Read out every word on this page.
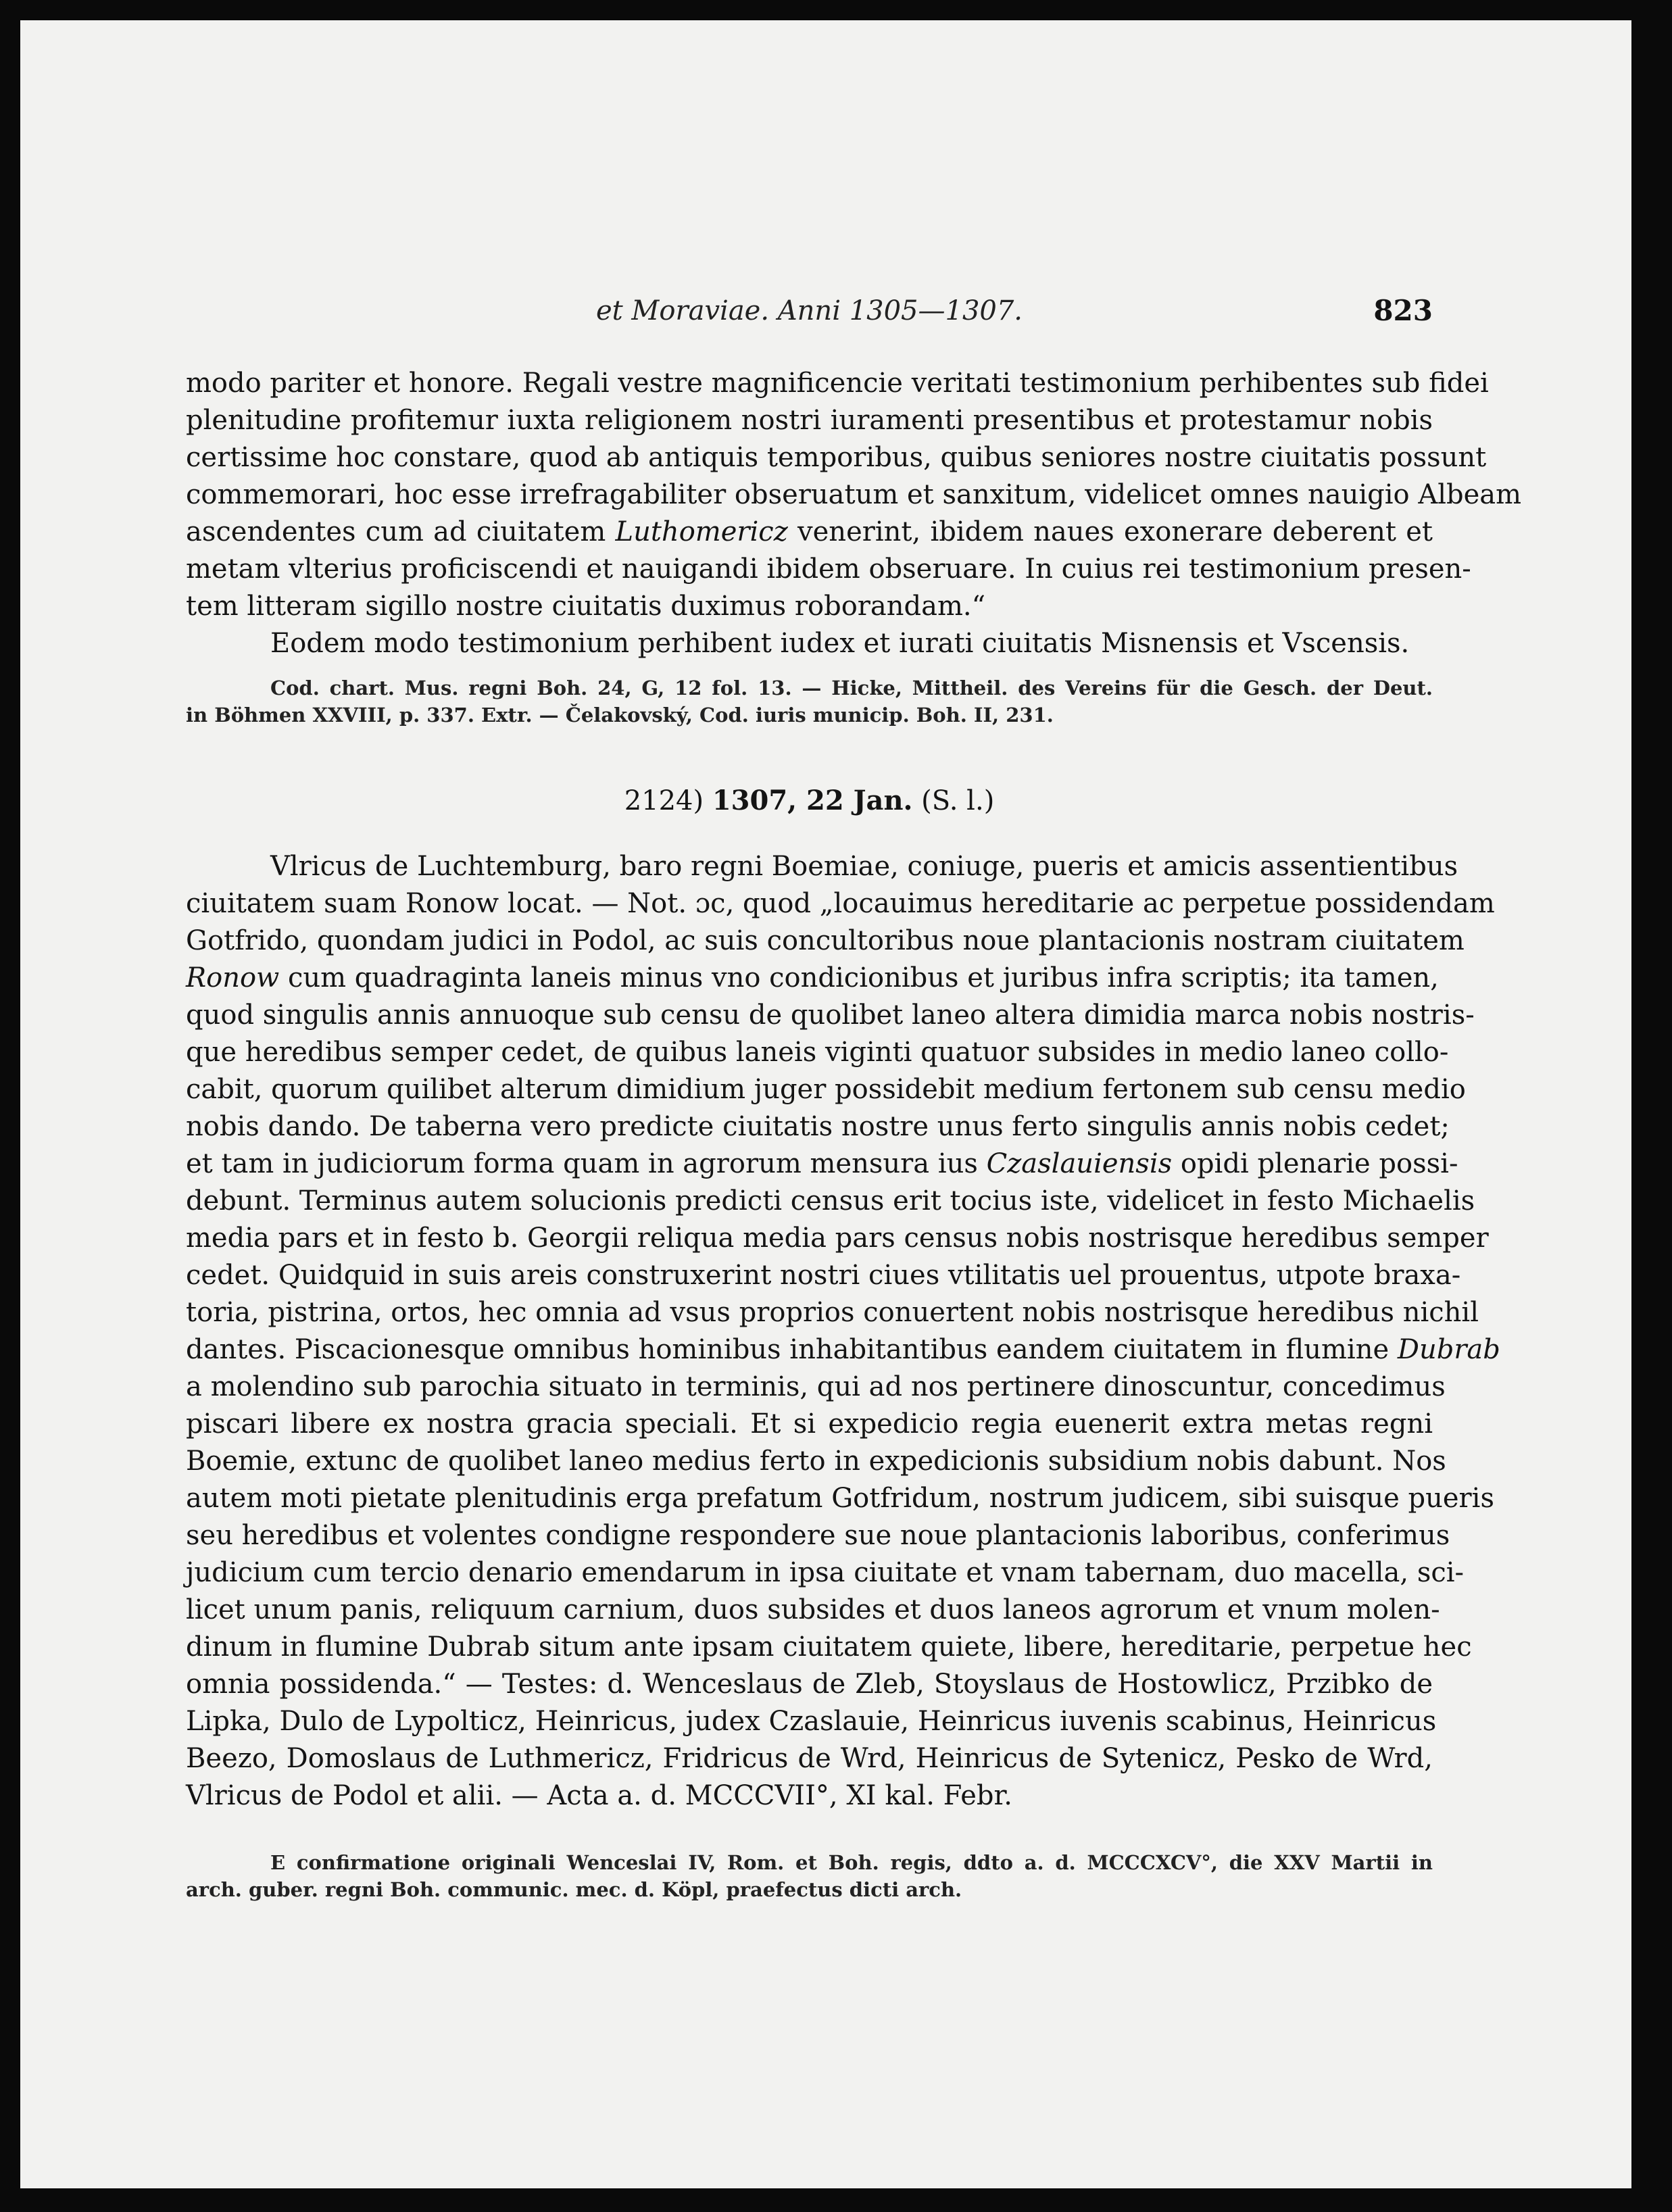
et Moraviae. Anni 1305—1307.	823
modo pariter et honore. Regali vestre magnificencie veritati testimonium perhibentes sub fidei
plenitudine profitemur iuxta religionem nostri iuramenti presentibus et protestamur nobis
certissime hoc constare, quod ab antiquis temporibus, quibus seniores nostre ciuitatis possunt
commemorari, hoc esse irrefragabiliter obseruatum et sanxitum, videlicet omnes nauigio Albeam
ascendentes cum ad ciuitatem Luthomericz venerint, ibidem naues exonerare deberent et
metam vlterius proficiscendi et nauigandi ibidem obseruare. In cuius rei testimonium presen-
tem litteram sigillo nostre ciuitatis duximus roborandam.“
Eodem modo testimonium perhibent iudex et iurati ciuitatis Misnensis et Vscensis.
Cod. chart. Mus. regni Boh. 24, G, 12 fol. 13. — Hicke, Mittheil. des Vereins für die Gesch. der Deut.
in Böhmen XXVIII, p. 337. Extr. — Čelakovský, Cod. iuris municip. Boh. II, 231.
2124) 1307, 22 Jan. (S. l.)
Vlricus de Luchtemburg, baro regni Boemiae, coniuge, pueris et amicis assentientibus
ciuitatem suam Ronow locat. — Not. ɔc, quod „locauimus hereditarie ac perpetue possidendam
Gotfrido, quondam judici in Podol, ac suis concultoribus noue plantacionis nostram ciuitatem
Ronow cum quadraginta laneis minus vno condicionibus et juribus infra scriptis; ita tamen,
quod singulis annis annuoque sub censu de quolibet laneo altera dimidia marca nobis nostris-
que heredibus semper cedet, de quibus laneis viginti quatuor subsides in medio laneo collo-
cabit, quorum quilibet alterum dimidium juger possidebit medium fertonem sub censu medio
nobis dando. De taberna vero predicte ciuitatis nostre unus ferto singulis annis nobis cedet;
et tam in judiciorum forma quam in agrorum mensura ius Czaslauiensis opidi plenarie possi-
debunt. Terminus autem solucionis predicti census erit tocius iste, videlicet in festo Michaelis
media pars et in festo b. Georgii reliqua media pars census nobis nostrisque heredibus semper
cedet. Quidquid in suis areis construxerint nostri ciues vtilitatis uel prouentus, utpote braxa-
toria, pistrina, ortos, hec omnia ad vsus proprios conuertent nobis nostrisque heredibus nichil
dantes. Piscacionesque omnibus hominibus inhabitantibus eandem ciuitatem in flumine Dubrab
a molendino sub parochia situato in terminis, qui ad nos pertinere dinoscuntur, concedimus
piscari libere ex nostra gracia speciali. Et si expedicio regia euenerit extra metas regni
Boemie, extunc de quolibet laneo medius ferto in expedicionis subsidium nobis dabunt. Nos
autem moti pietate plenitudinis erga prefatum Gotfridum, nostrum judicem, sibi suisque pueris
seu heredibus et volentes condigne respondere sue noue plantacionis laboribus, conferimus
judicium cum tercio denario emendarum in ipsa ciuitate et vnam tabernam, duo macella, sci-
licet unum panis, reliquum carnium, duos subsides et duos laneos agrorum et vnum molen-
dinum in flumine Dubrab situm ante ipsam ciuitatem quiete, libere, hereditarie, perpetue hec
omnia possidenda.“ — Testes: d. Wenceslaus de Zleb, Stoyslaus de Hostowlicz, Przibko de
Lipka, Dulo de Lypolticz, Heinricus, judex Czaslauie, Heinricus iuvenis scabinus, Heinricus
Beezo, Domoslaus de Luthmericz, Fridricus de Wrd, Heinricus de Sytenicz, Pesko de Wrd,
Vlricus de Podol et alii. — Acta a. d. MCCCVII°, XI kal. Febr.
E confirmatione originali Wenceslai IV, Rom. et Boh. regis, ddto a. d. MCCCXCV°, die XXV Martii in
arch. guber. regni Boh. communic. mec. d. Köpl, praefectus dicti arch.
